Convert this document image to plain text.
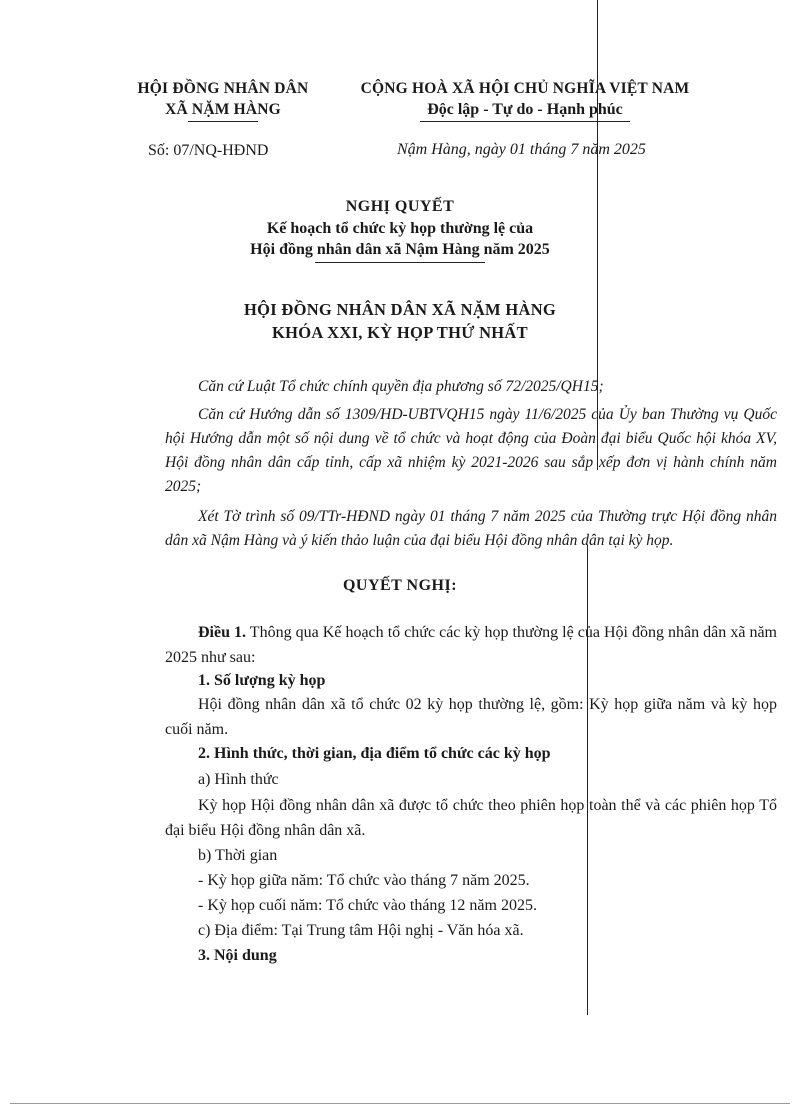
HỘI ĐỒNG NHÂN DÂN
XÃ NẶM HÀNG
CỘNG HOÀ XÃ HỘI CHỦ NGHĨA VIỆT NAM
Độc lập - Tự do - Hạnh phúc
Số: 07/NQ-HĐND	Nậm Hàng, ngày 01 tháng 7 năm 2025
NGHỊ QUYẾT
Kế hoạch tổ chức kỳ họp thường lệ của
Hội đồng nhân dân xã Nậm Hàng năm 2025
HỘI ĐỒNG NHÂN DÂN XÃ NẶM HÀNG
KHÓA XXI, KỲ HỌP THỨ NHẤT
Căn cứ Luật Tổ chức chính quyền địa phương số 72/2025/QH15;
Căn cứ Hướng dẫn số 1309/HD-UBTVQH15 ngày 11/6/2025 của Ủy ban Thường vụ Quốc hội Hướng dẫn một số nội dung về tổ chức và hoạt động của Đoàn đại biểu Quốc hội khóa XV, Hội đồng nhân dân cấp tỉnh, cấp xã nhiệm kỳ 2021-2026 sau sắp xếp đơn vị hành chính năm 2025;
Xét Tờ trình số 09/TTr-HĐND ngày 01 tháng 7 năm 2025 của Thường trực Hội đồng nhân dân xã Nậm Hàng và ý kiến thảo luận của đại biểu Hội đồng nhân dân tại kỳ họp.
QUYẾT NGHỊ:
Điều 1. Thông qua Kế hoạch tổ chức các kỳ họp thường lệ của Hội đồng nhân dân xã năm 2025 như sau:
1. Số lượng kỳ họp
Hội đồng nhân dân xã tổ chức 02 kỳ họp thường lệ, gồm: Kỳ họp giữa năm và kỳ họp cuối năm.
2. Hình thức, thời gian, địa điểm tổ chức các kỳ họp
a) Hình thức
Kỳ họp Hội đồng nhân dân xã được tổ chức theo phiên họp toàn thể và các phiên họp Tổ đại biểu Hội đồng nhân dân xã.
b) Thời gian
- Kỳ họp giữa năm: Tổ chức vào tháng 7 năm 2025.
- Kỳ họp cuối năm: Tổ chức vào tháng 12 năm 2025.
c) Địa điểm: Tại Trung tâm Hội nghị - Văn hóa xã.
3. Nội dung
